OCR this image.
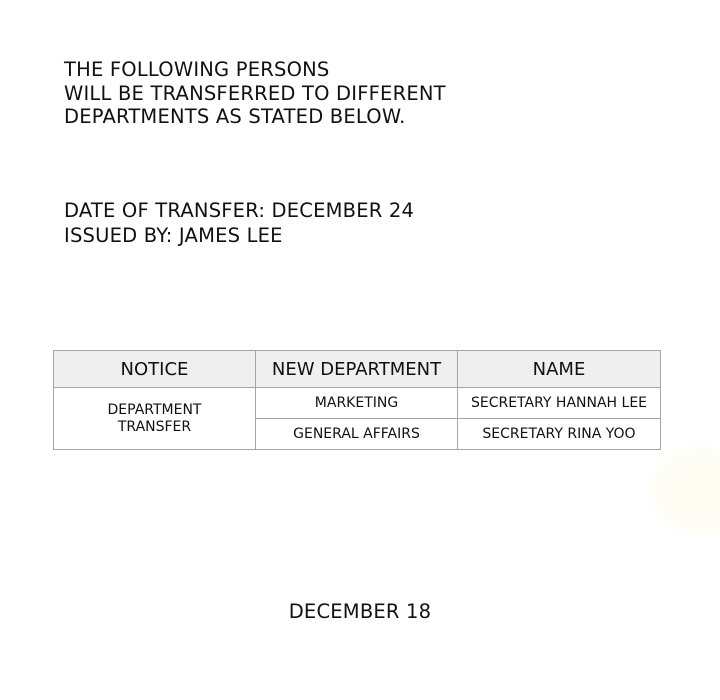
THE FOLLOWING PERSONS
WILL BE TRANSFERRED TO DIFFERENT
DEPARTMENTS AS STATED BELOW.
DATE OF TRANSFER: DECEMBER 24
ISSUED BY: JAMES LEE
NOTICE	NEW DEPARTMENT	NAME

DEPARTMENT
TRANSFER	MARKETING	SECRETARY HANNAH LEE
	GENERAL AFFAIRS	SECRETARY RINA YOO
DECEMBER 18
